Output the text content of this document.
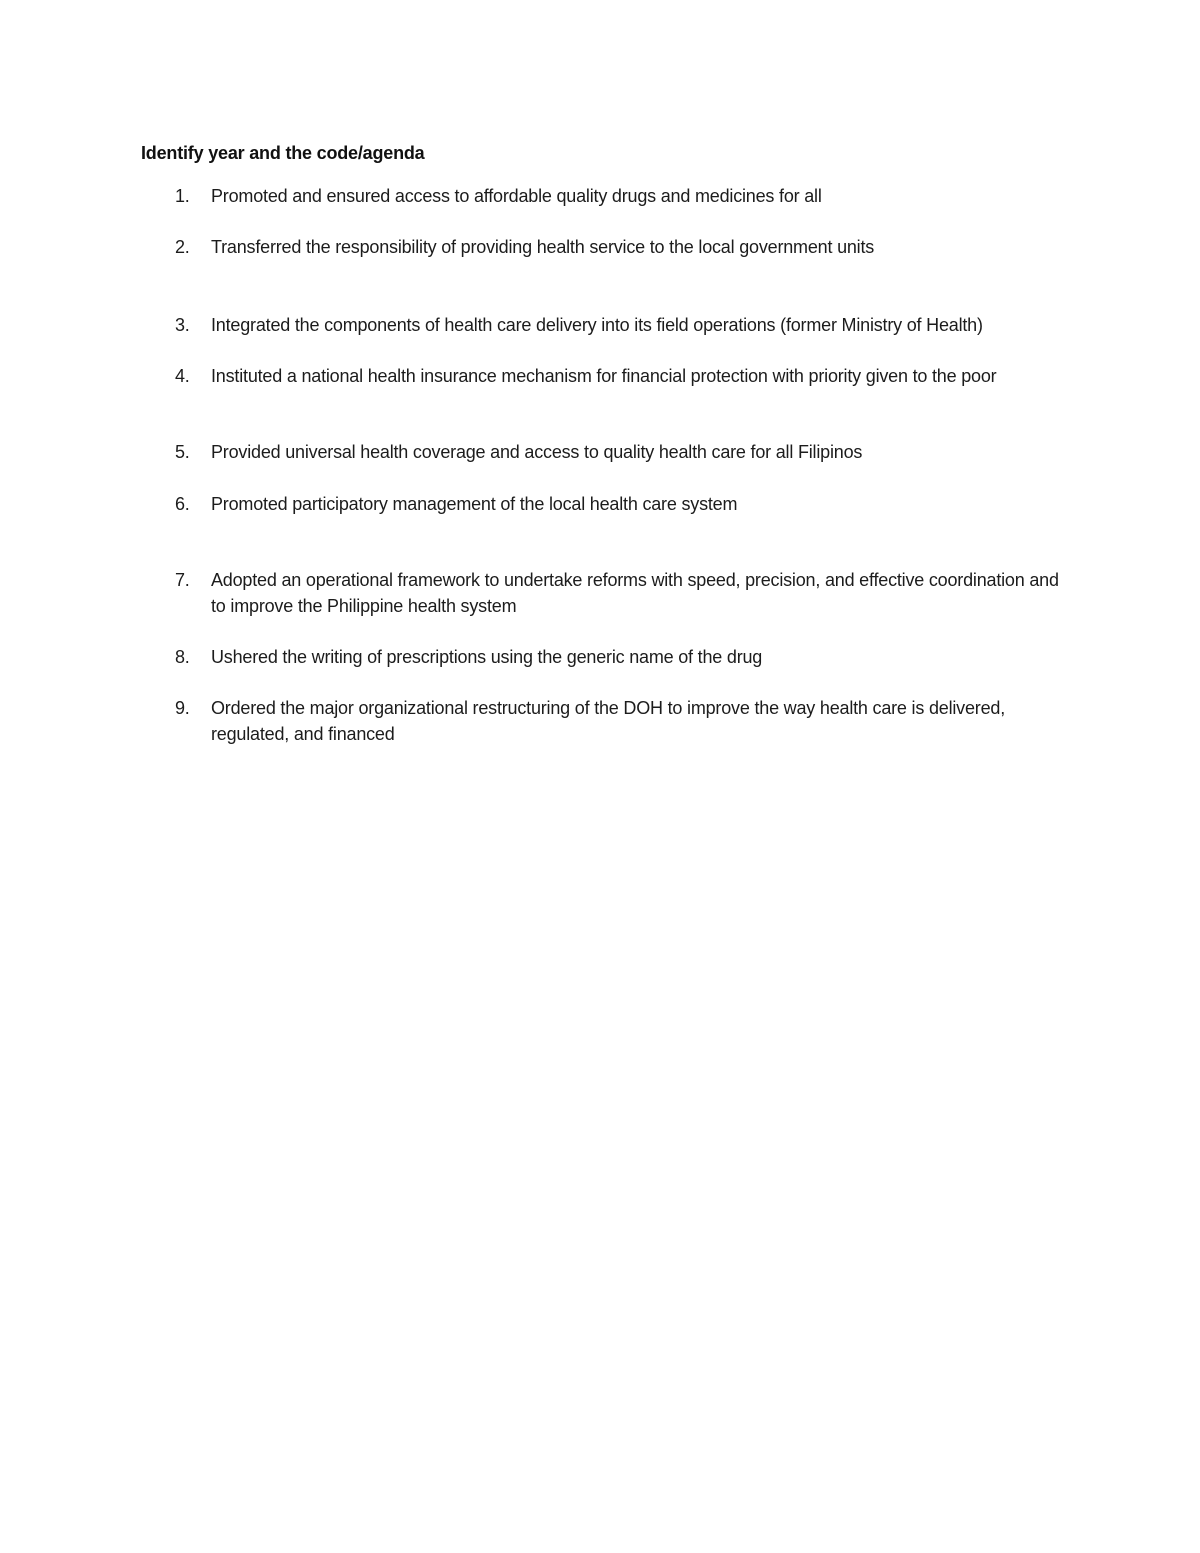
Identify year and the code/agenda
1.	Promoted and ensured access to affordable quality drugs and medicines for all
2.	Transferred the responsibility of providing health service to the local government units
3.	Integrated the components of health care delivery into its field operations (former Ministry of Health)
4.	Instituted a national health insurance mechanism for financial protection with priority given to the poor
5.	Provided universal health coverage and access to quality health care for all Filipinos
6.	Promoted participatory management of the local health care system
7.	Adopted an operational framework to undertake reforms with speed, precision, and effective coordination and to improve the Philippine health system
8.	Ushered the writing of prescriptions using the generic name of the drug
9.	Ordered the major organizational restructuring of the DOH to improve the way health care is delivered, regulated, and financed
